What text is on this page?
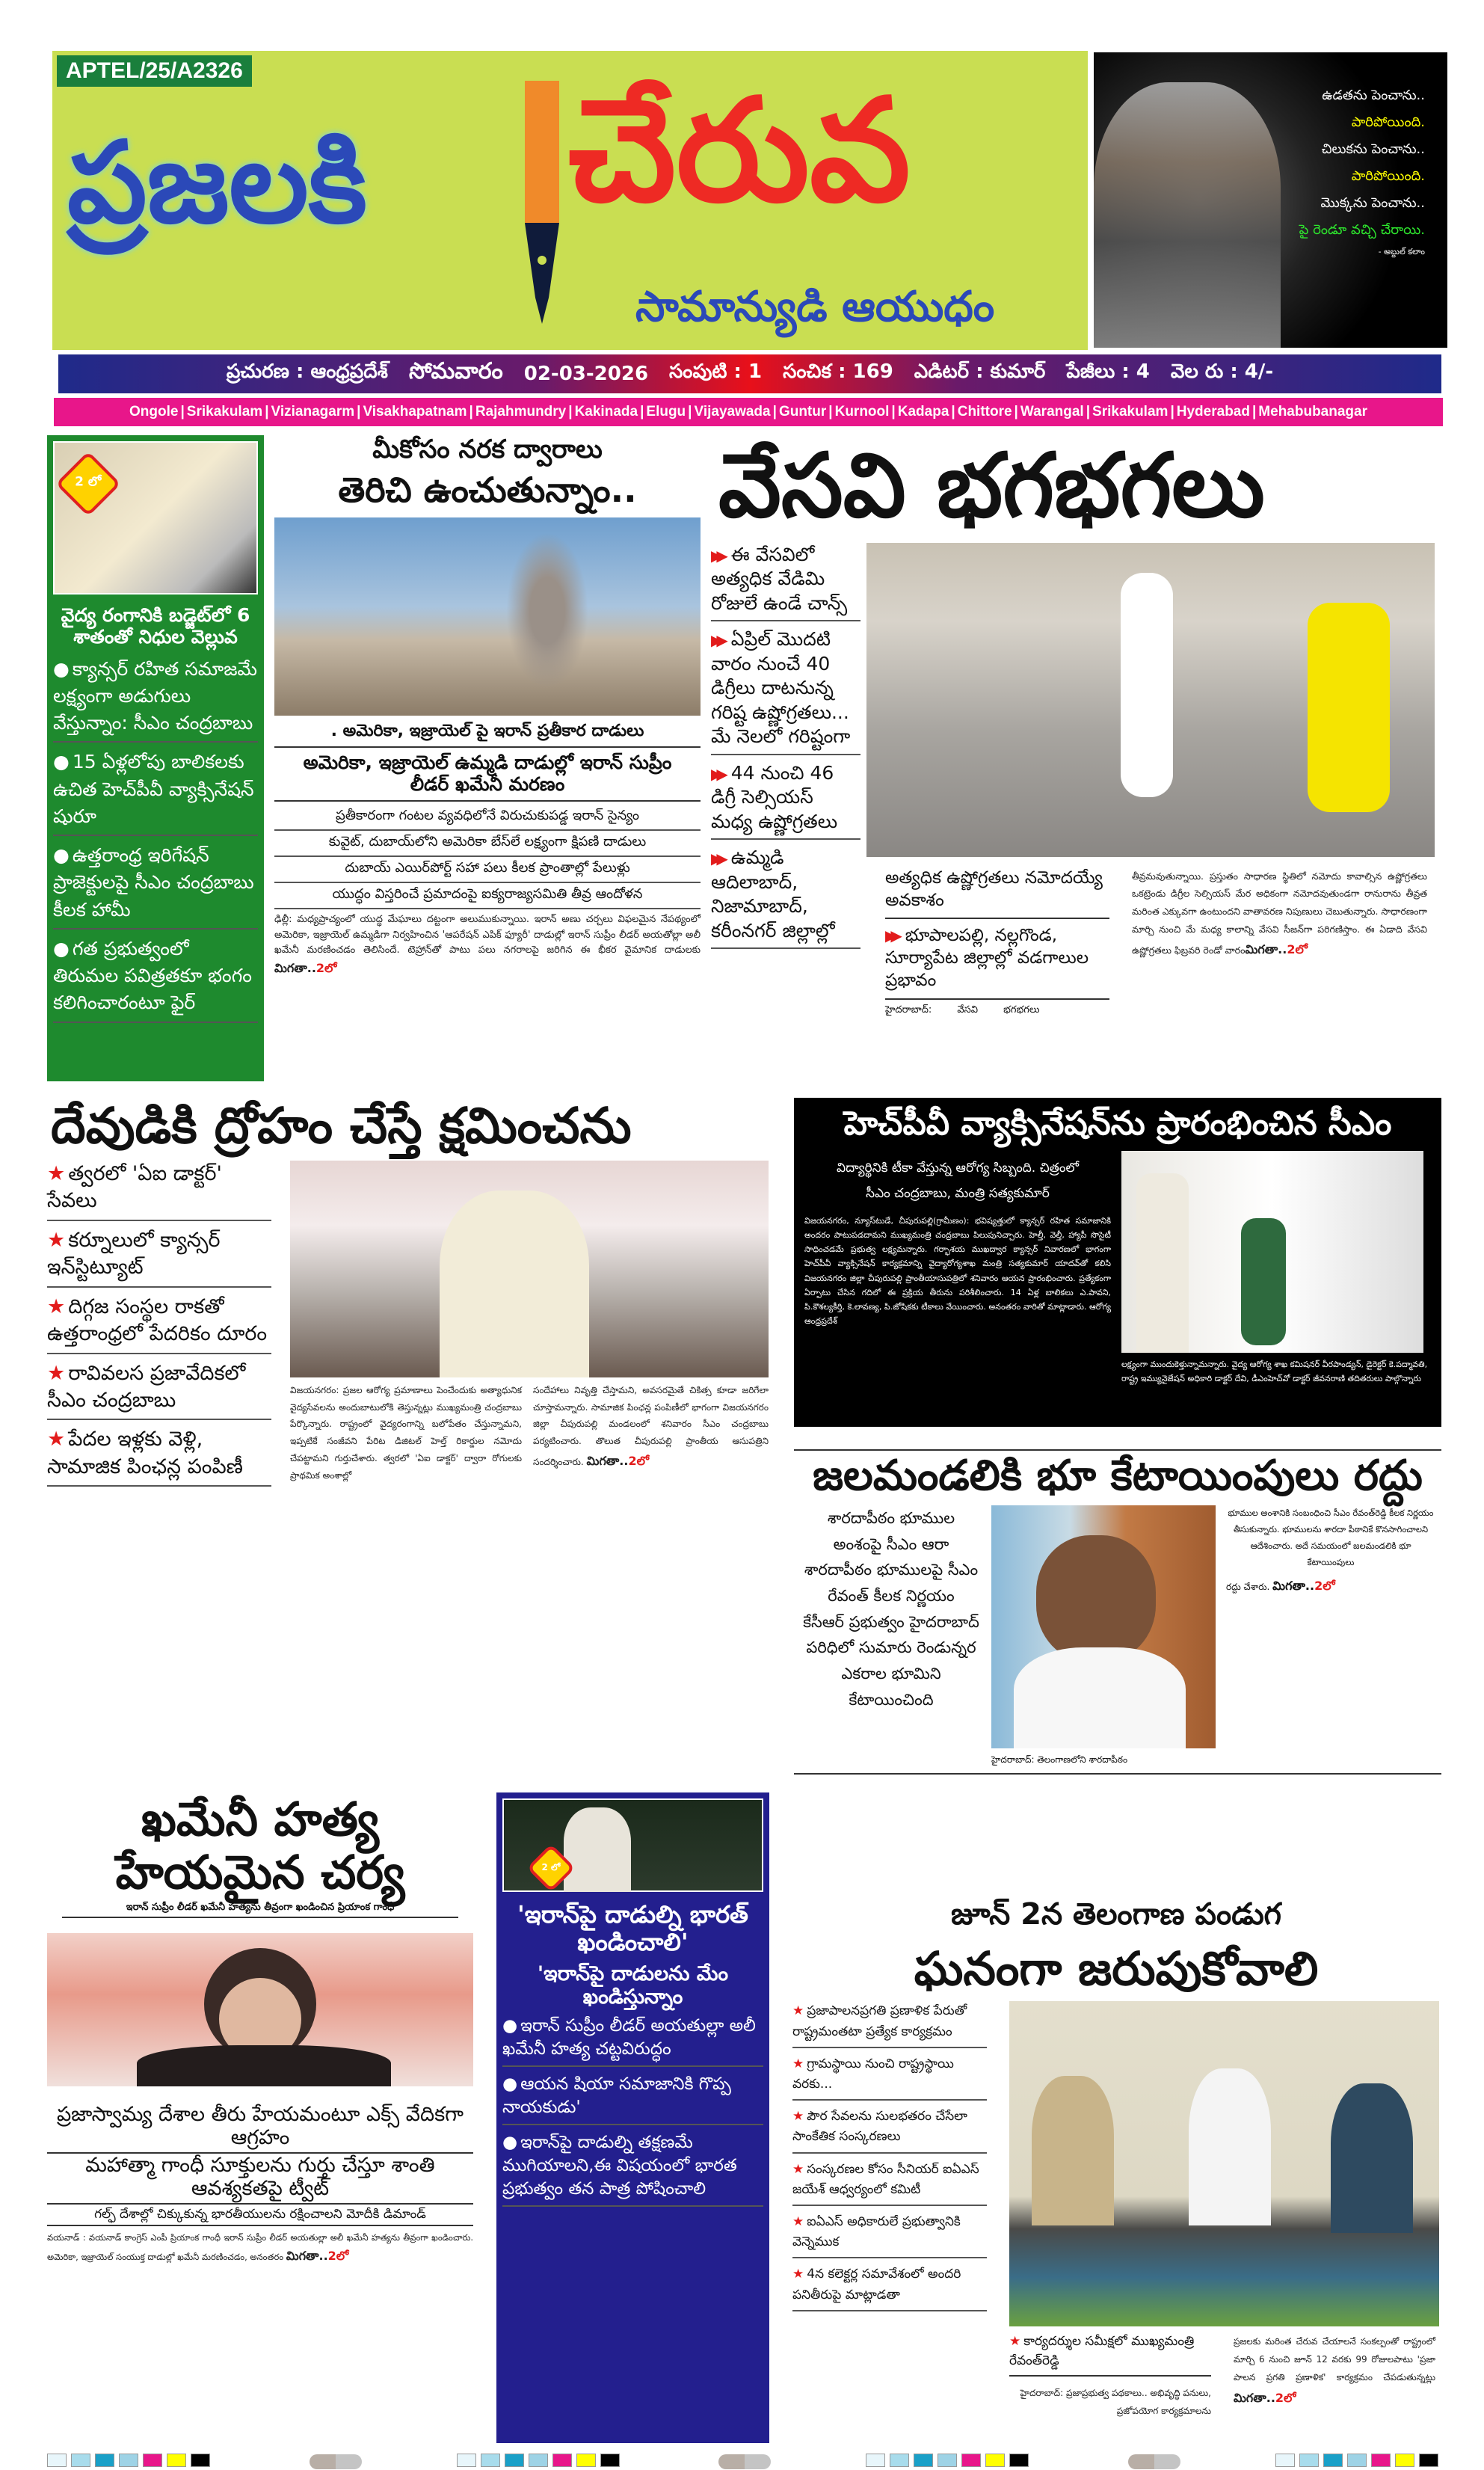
APTEL/25/A2326
ప్రజలకి చేరువ
సామాన్యుడి ఆయుధం
ఉడతను పెంచాను..
పారిపోయింది.
చిలుకను పెంచాను..
పారిపోయింది.
మొక్కను పెంచాను..
పై రెండూ వచ్చి చేరాయి.
- అబ్దుల్ కలాం
ప్రచురణ : ఆంధ్రప్రదేశ్ సోమవారం 02-03-2026 సంపుటి : 1 సంచిక : 169 ఎడిటర్ : కుమార్ పేజీలు : 4 వెల రు : 4/-
Ongole | Srikakulam | Vizianagarm | Visakhapatnam | Rajahmundry | Kakinada | Elugu | Vijayawada | Guntur | Kurnool | Kadapa | Chittore | Warangal | Srikakulam | Hyderabad | Mehabubanagar
2 లో
వైద్య రంగానికి బడ్జెట్‌లో 6 శాతంతో నిధుల వెల్లువ
● క్యాన్సర్ రహిత సమాజమే లక్ష్యంగా అడుగులు వేస్తున్నాం: సీఎం చంద్రబాబు
● 15 ఏళ్లలోపు బాలికలకు ఉచిత హెచ్‌పీవీ వ్యాక్సినేషన్ షురూ
● ఉత్తరాంధ్ర ఇరిగేషన్ ప్రాజెక్టులపై సీఎం చంద్రబాబు కీలక హామీ
● గత ప్రభుత్వంలో తిరుమల పవిత్రతకూ భంగం కలిగించారంటూ ఫైర్
మీకోసం నరక ద్వారాలు
తెరిచి ఉంచుతున్నాం..
. అమెరికా, ఇజ్రాయెల్ పై ఇరాన్ ప్రతీకార దాడులు
అమెరికా, ఇజ్రాయెల్ ఉమ్మడి దాడుల్లో ఇరాన్ సుప్రీం లీడర్ ఖమేనీ మరణం
ప్రతీకారంగా గంటల వ్యవధిలోనే విరుచుకుపడ్డ ఇరాన్ సైన్యం
కువైట్, దుబాయ్‌లోని అమెరికా బేస్‌లే లక్ష్యంగా క్షిపణి దాడులు
దుబాయ్ ఎయిర్‌పోర్ట్ సహా పలు కీలక ప్రాంతాల్లో పేలుళ్లు
యుద్ధం విస్తరించే ప్రమాదంపై ఐక్యరాజ్యసమితి తీవ్ర ఆందోళన
ఢిల్లీ: మధ్యప్రాచ్యంలో యుద్ధ మేఘాలు దట్టంగా అలుముకున్నాయి. ఇరాన్ అణు చర్చలు విఫలమైన నేపథ్యంలో అమెరికా, ఇజ్రాయెల్ ఉమ్మడిగా నిర్వహించిన 'ఆపరేషన్ ఎపిక్ ఫ్యూరీ' దాడుల్లో ఇరాన్ సుప్రీం లీడర్ అయతోల్లా అలీ ఖమేనీ మరణించడం తెలిసిందే. టెహ్రాన్‌తో పాటు పలు నగరాలపై జరిగిన ఈ భీకర వైమానిక దాడులకు మిగతా..2లో
వేసవి భగభగలు
▶▶ ఈ వేసవిలో అత్యధిక వేడిమి రోజులే ఉండే చాన్స్
▶▶ ఏప్రిల్ మొదటి వారం నుంచే 40 డిగ్రీలు దాటనున్న గరిష్ట ఉష్ణోగ్రతలు... మే నెలలో గరిష్టంగా
▶▶ 44 నుంచి 46 డిగ్రీ సెల్సియస్ మధ్య ఉష్ణోగ్రతలు
▶▶ ఉమ్మడి ఆదిలాబాద్, నిజామాబాద్, కరీంనగర్ జిల్లాల్లో
అత్యధిక ఉష్ణోగ్రతలు నమోదయ్యే అవకాశం
▶▶ భూపాలపల్లి, నల్లగొండ, సూర్యాపేట జిల్లాల్లో వడగాలుల ప్రభావం
హైదరాబాద్: వేసవి భగభగలు
తీవ్రమవుతున్నాయి. ప్రస్తుతం సాధారణ స్థితిలో నమోదు కావాల్సిన ఉష్ణోగ్రతలు ఒకట్రెండు డిగ్రీల సెల్సియస్ మేర అధికంగా నమోదవుతుండగా రానురాను తీవ్రత మరింత ఎక్కువగా ఉంటుందని వాతావరణ నిపుణులు చెబుతున్నారు. సాధారణంగా మార్చి నుంచి మే మధ్య కాలాన్ని వేసవి సీజన్‌గా పరిగణిస్తాం. ఈ ఏడాది వేసవి ఉష్ణోగ్రతలు ఫిబ్రవరి రెండో వారంమిగతా..2లో
దేవుడికి ద్రోహం చేస్తే క్షమించను
★ త్వరలో 'ఏఐ డాక్టర్' సేవలు
★ కర్నూలులో క్యాన్సర్ ఇన్‌స్టిట్యూట్
★ దిగ్గజ సంస్థల రాకతో ఉత్తరాంధ్రలో పేదరికం దూరం
★ రావివలస ప్రజావేదికలో సీఎం చంద్రబాబు
★ పేదల ఇళ్లకు వెళ్లి, సామాజిక పింఛన్ల పంపిణీ
విజయనగరం: ప్రజల ఆరోగ్య ప్రమాణాలు పెంచేందుకు అత్యాధునిక వైద్యసేవలను అందుబాటులోకి తెస్తున్నట్లు ముఖ్యమంత్రి చంద్రబాబు పేర్కొన్నారు. రాష్ట్రంలో వైద్యరంగాన్ని బలోపేతం చేస్తున్నామని, ఇప్పటికే సంజీవని పేరిట డిజిటల్ హెల్త్ రికార్డుల నమోదు చేపట్టామని గుర్తుచేశారు. త్వరలో 'ఏఐ డాక్టర్' ద్వారా రోగులకు ప్రాథమిక అంశాల్లో
సందేహాలు నివృత్తి చేస్తామని, అవసరమైతే చికిత్స కూడా జరిగేలా చూస్తామన్నారు. సామాజిక పింఛన్ల పంపిణీలో భాగంగా విజయనగరం జిల్లా చీపురుపల్లి మండలంలో శనివారం సీఎం చంద్రబాబు పర్యటించారు. తొలుత చీపురుపల్లి ప్రాంతీయ ఆసుపత్రిని సందర్శించారు. మిగతా..2లో
హెచ్‌పీవీ వ్యాక్సినేషన్‌ను ప్రారంభించిన సీఎం
విద్యార్థినికి టీకా వేస్తున్న ఆరోగ్య సిబ్బంది. చిత్రంలో సీఎం చంద్రబాబు, మంత్రి సత్యకుమార్
విజయనగరం, న్యూస్‌టుడే, చీపురుపల్లి(గ్రామీణం): భవిష్యత్తులో క్యాన్సర్ రహిత సమాజానికి అందరం పాటుపడదామని ముఖ్యమంత్రి చంద్రబాబు పిలుపునిచ్చారు. హెల్తీ, వెల్తీ, హ్యాపీ సొసైటీ సాధించడమే ప్రభుత్వ లక్ష్యమన్నారు. గర్భాశయ ముఖద్వార క్యాన్సర్ నివారణలో భాగంగా హెచ్‌పీవీ వ్యాక్సినేషన్ కార్యక్రమాన్ని వైద్యారోగ్యశాఖ మంత్రి సత్యకుమార్ యాదవ్‌తో కలిసి విజయనగరం జిల్లా చీపురుపల్లి ప్రాంతీయాసుపత్రిలో శనివారం ఆయన ప్రారంభించారు. ప్రత్యేకంగా ఏర్పాటు చేసిన గదిలో ఈ ప్రక్రియ తీరును పరిశీలించారు. 14 ఏళ్ల బాలికలు ఎ.పావని, పి.కౌశల్యకీర్తి, కె.లావణ్య, పి.జోషికకు టీకాలు వేయించారు. అనంతరం వారితో మాట్లాడారు. ఆరోగ్య ఆంధ్రప్రదేశ్
లక్ష్యంగా ముందుకెళ్తున్నామన్నారు. వైద్య ఆరోగ్య శాఖ కమిషనర్ వీరపాండ్యన్, డైరెక్టర్ కె.పద్మావతి, రాష్ట్ర ఇమ్యునైజేషన్ అధికారి డాక్టర్ దేవి, డీఎంహెచ్‌వో డాక్టర్ జీవనరాణి తదితరులు పాల్గొన్నారు
జలమండలికి భూ కేటాయింపులు రద్దు
శారదాపీఠం భూముల అంశంపై సీఎం ఆరా
శారదాపీఠం భూములపై సీఎం రేవంత్ కీలక నిర్ణయం
కేసీఆర్ ప్రభుత్వం హైదరాబాద్ పరిధిలో సుమారు రెండున్నర ఎకరాల భూమిని కేటాయించింది
హైదరాబాద్: తెలంగాణలోని శారదాపీఠం
భూముల అంశానికి సంబంధించి సీఎం రేవంత్‌రెడ్డి కీలక నిర్ణయం తీసుకున్నారు. భూములను శారదా పీఠానికే కొనసాగించాలని ఆదేశించారు. అదే సమయంలో జలమండలికి భూ కేటాయింపులు
రద్దు చేశారు. మిగతా..2లో
ఖమేనీ హత్య
హేయమైన చర్య
ఇరాన్ సుప్రీం లీడర్ ఖమేనీ హత్యను తీవ్రంగా ఖండించిన ప్రియాంక గాంధీ
ప్రజాస్వామ్య దేశాల తీరు హేయమంటూ ఎక్స్ వేదికగా ఆగ్రహం
మహాత్మా గాంధీ సూక్తులను గుర్తు చేస్తూ శాంతి ఆవశ్యకతపై ట్వీట్
గల్ఫ్ దేశాల్లో చిక్కుకున్న భారతీయులను రక్షించాలని మోదీకి డిమాండ్
వయనాడ్ : వయనాడ్ కాంగ్రెస్ ఎంపీ ప్రియాంక గాంధీ ఇరాన్ సుప్రీం లీడర్ అయతుల్లా అలీ ఖమేనీ హత్యను తీవ్రంగా ఖండించారు. అమెరికా, ఇజ్రాయెల్ సంయుక్త దాడుల్లో ఖమేనీ మరణించడం, అనంతరం మిగతా..2లో
2 లో
'ఇరాన్‌పై దాడుల్ని భారత్ ఖండించాలి'
'ఇరాన్‌పై దాడులను మేం ఖండిస్తున్నాం
● ఇరాన్ సుప్రీం లీడర్ అయతుల్లా అలీ ఖమేనీ హత్య చట్టవిరుద్ధం
● ఆయన షియా సమాజానికి గొప్ప నాయకుడు'
● ఇరాన్‌పై దాడుల్ని తక్షణమే ముగియాలని,ఈ విషయంలో భారత ప్రభుత్వం తన పాత్ర పోషించాలి
జూన్ 2న తెలంగాణ పండుగ
ఘనంగా జరుపుకోవాలి
★ ప్రజాపాలనప్రగతి ప్రణాళిక పేరుతో రాష్ట్రమంతటా ప్రత్యేక కార్యక్రమం
★ గ్రామస్థాయి నుంచి రాష్ట్రస్థాయి వరకు...
★ పౌర సేవలను సులభతరం చేసేలా సాంకేతిక సంస్కరణలు
★ సంస్కరణల కోసం సీనియర్ ఐఏఎస్ జయేశ్ ఆధ్వర్యంలో కమిటీ
★ ఐఏఎస్ అధికారులే ప్రభుత్వానికి వెన్నెముక
★ 4న కలెక్టర్ల సమావేశంలో అందరి పనితీరుపై మాట్లాడతా
★ కార్యదర్శుల సమీక్షలో ముఖ్యమంత్రి రేవంత్‌రెడ్డి
హైదరాబాద్: ప్రజాప్రభుత్వ పథకాలు.. అభివృద్ధి పనులు, ప్రజోపయోగ కార్యక్రమాలను
ప్రజలకు మరింత చేరువ చేయాలనే సంకల్పంతో రాష్ట్రంలో మార్చి 6 నుంచి జూన్ 12 వరకు 99 రోజులపాటు 'ప్రజా పాలన ప్రగతి ప్రణాళిక' కార్యక్రమం చేపడుతున్నట్లు మిగతా..2లో
